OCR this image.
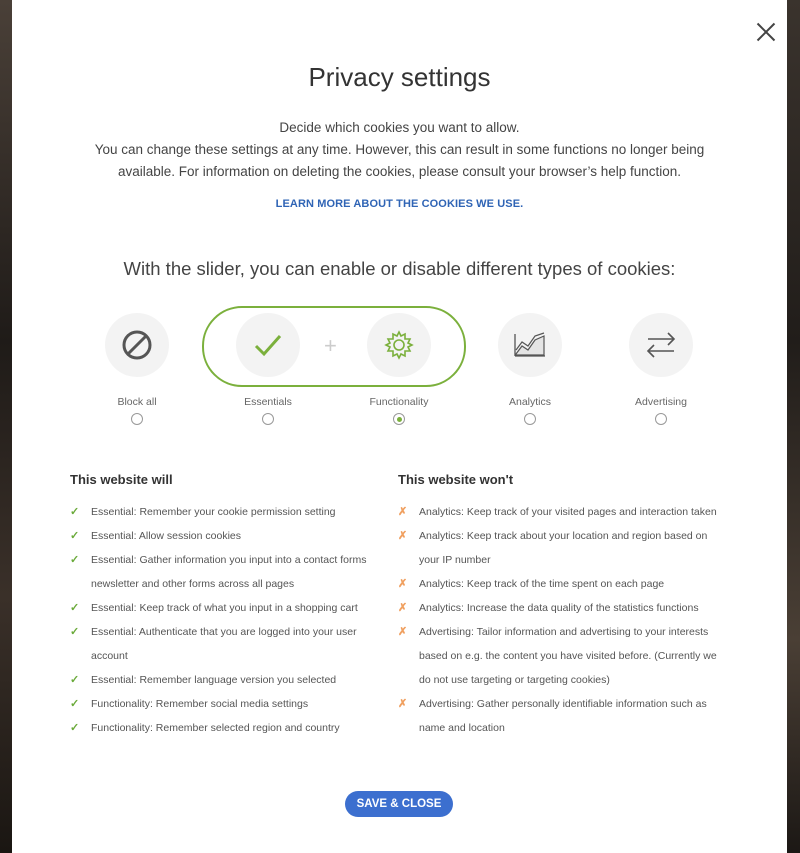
Privacy settings
Decide which cookies you want to allow.
You can change these settings at any time. However, this can result in some functions no longer being
available. For information on deleting the cookies, please consult your browser’s help function.
LEARN MORE ABOUT THE COOKIES WE USE.
With the slider, you can enable or disable different types of cookies:
+
Block all	Essentials	Functionality	Analytics	Advertising
This website will
✓ Essential: Remember your cookie permission setting
✓ Essential: Allow session cookies
✓ Essential: Gather information you input into a contact forms newsletter and other forms across all pages
✓ Essential: Keep track of what you input in a shopping cart
✓ Essential: Authenticate that you are logged into your user account
✓ Essential: Remember language version you selected
✓ Functionality: Remember social media settings
✓ Functionality: Remember selected region and country
This website won't
✗ Analytics: Keep track of your visited pages and interaction taken
✗ Analytics: Keep track about your location and region based on your IP number
✗ Analytics: Keep track of the time spent on each page
✗ Analytics: Increase the data quality of the statistics functions
✗ Advertising: Tailor information and advertising to your interests based on e.g. the content you have visited before. (Currently we do not use targeting or targeting cookies)
✗ Advertising: Gather personally identifiable information such as name and location
SAVE & CLOSE
